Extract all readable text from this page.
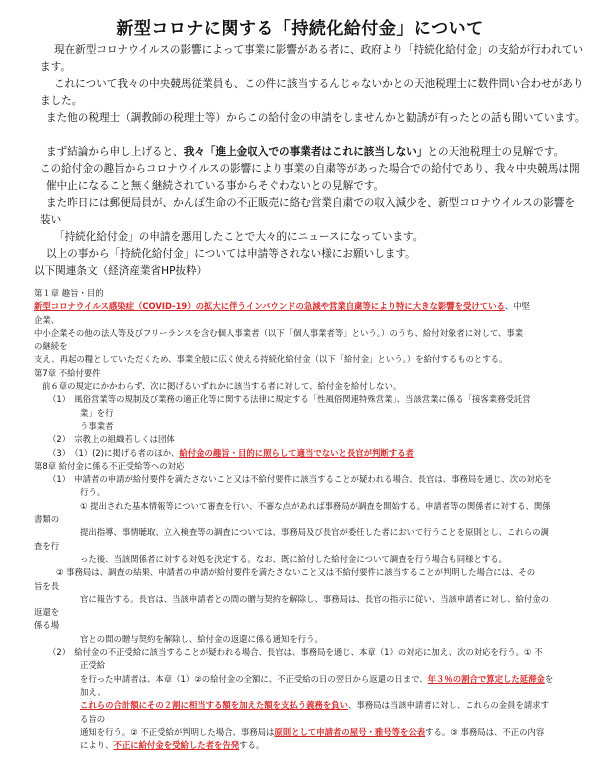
新型コロナに関する「持続化給付金」について
現在新型コロナウイルスの影響によって事業に影響がある者に、政府より「持続化給付金」の支給が行われてい
ます。
これについて我々の中央競馬従業員も、この件に該当するんじゃないかとの天池税理士に数件問い合わせがあり
ました。
また他の税理士（調教師の税理士等）からこの給付金の申請をしませんかと勧誘が有ったとの話も聞いています。

まず結論から申し上げると、我々「進上金収入での事業者はこれに該当しない」との天池税理士の見解です。
この給付金の趣旨からコロナウイルスの影響により事業の自粛等があった場合での給付であり、我々中央競馬は開
催中止になること無く継続されている事からそぐわないとの見解です。
また昨日には郵便局員が、かんぽ生命の不正販売に絡む営業自粛での収入減少を、新型コロナウイルスの影響を
装い
「持続化給付金」の申請を悪用したことで大々的にニュースになっています。
以上の事から「持続化給付金」については申請等されない様にお願いします。
以下関連条文（経済産業省HP抜粋）
第１章 趣旨・目的
新型コロナウイルス感染症（COVID-19）の拡大に伴うインバウンドの急減や営業自粛等により特に大きな影響を受けている、中堅
企業、
中小企業その他の法人等及びフリーランスを含む個人事業者（以下「個人事業者等」という。）のうち、給付対象者に対して、事業
の継続を
支え、再起の糧としていただくため、事業全般に広く使える持続化給付金（以下「給付金」という。）を給付するものとする。
第7章 不給付要件
前６章の規定にかかわらず、次に掲げるいずれかに該当する者に対して、給付金を給付しない。
（1）　風俗営業等の規制及び業務の適正化等に関する法律に規定する「性風俗関連特殊営業」、当該営業に係る「接客業務受託営
業」を行
う事業者
（2）　宗教上の組織若しくは団体
（3）　（1）(2)に掲げる者のほか、給付金の趣旨・目的に照らして適当でないと長官が判断する者
第8章 給付金に係る不正受給等への対応
（1）　申請者の申請が給付要件を満たさないこと又は不給付要件に該当することが疑われる場合、長官は、事務局を通じ、次の対応を
行う。
① 提出された基本情報等について審査を行い、不審な点があれば事務局が調査を開始する。申請者等の関係者に対する、関係
書類の
提出指導、事情聴取、立入検査等の調査については、事務局及び長官が委任した者において行うことを原則とし、これらの調
査を行
った後、当該関係者に対する対処を決定する。なお、既に給付した給付金について調査を行う場合も同様とする。
② 事務局は、調査の結果、申請者の申請が給付要件を満たさないこと又は不給付要件に該当することが判明した場合には、その
旨を長
官に報告する。長官は、当該申請者との間の贈与契約を解除し、事務局は、長官の指示に従い、当該申請者に対し、給付金の
返還を
係る場
官との間の贈与契約を解除し、給付金の返還に係る通知を行う。
（2）　給付金の不正受給に該当することが疑われる場合、長官は、事務局を通じ、本章（1）の対応に加え、次の対応を行う。① 不
正受給
を行った申請者は、本章（1）②の給付金の全額に、不正受給の日の翌日から返還の日まで、年３％の割合で算定した延滞金を
加え、
これらの合計額にその２割に相当する額を加えた額を支払う義務を負い、事務局は当該申請者に対し、これらの金員を請求す
る旨の
通知を行う。② 不正受給が判明した場合、事務局は原則として申請者の屋号・雅号等を公表する。③ 事務局は、不正の内容
により、不正に給付金を受給した者を告発する。
